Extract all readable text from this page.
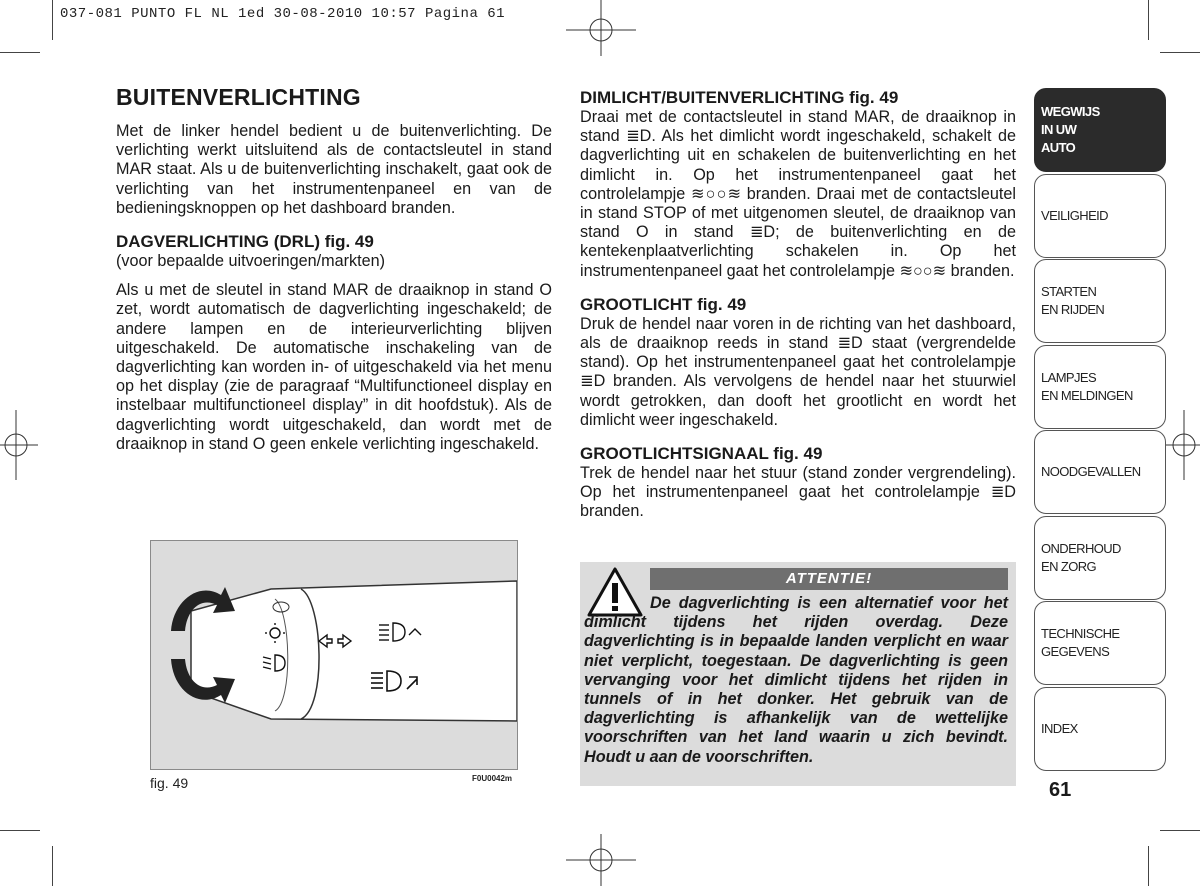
037-081 PUNTO FL NL 1ed 30-08-2010 10:57 Pagina 61
BUITENVERLICHTING

Met de linker hendel bedient u de buitenverlichting. De verlichting werkt uitsluitend als de contactsleutel in stand MAR staat. Als u de buitenverlichting inschakelt, gaat ook de verlichting van het instrumentenpaneel en van de bedieningsknoppen op het dashboard branden.

DAGVERLICHTING (DRL) fig. 49

(voor bepaalde uitvoeringen/markten)

Als u met de sleutel in stand MAR de draaiknop in stand O zet, wordt automatisch de dagverlichting ingeschakeld; de andere lampen en de interieurverlichting blijven uitgeschakeld. De automatische inschakeling van de dagverlichting kan worden in- of uitgeschakeld via het menu op het display (zie de paragraaf “Multifunctioneel display en instelbaar multifunctioneel display” in dit hoofdstuk). Als de dagverlichting wordt uitgeschakeld, dan wordt met de draaiknop in stand O geen enkele verlichting ingeschakeld.

fig. 49	F0U0042m
DIMLICHT/BUITENVERLICHTING fig. 49

Draai met de contactsleutel in stand MAR, de draaiknop in stand ≣D. Als het dimlicht wordt ingeschakeld, schakelt de dagverlichting uit en schakelen de buitenverlichting en het dimlicht in. Op het instrumentenpaneel gaat het controlelampje ≋○○≋ branden. Draai met de contactsleutel in stand STOP of met uitgenomen sleutel, de draaiknop van stand O in stand ≣D; de buitenverlichting en de kentekenplaatverlichting schakelen in. Op het instrumentenpaneel gaat het controlelampje ≋○○≋ branden.

GROOTLICHT fig. 49

Druk de hendel naar voren in de richting van het dashboard, als de draaiknop reeds in stand ≣D staat (vergrendelde stand). Op het instrumentenpaneel gaat het controlelampje ≣D branden. Als vervolgens de hendel naar het stuurwiel wordt getrokken, dan dooft het grootlicht en wordt het dimlicht weer ingeschakeld.

GROOTLICHTSIGNAAL fig. 49

Trek de hendel naar het stuur (stand zonder vergrendeling). Op het instrumentenpaneel gaat het controlelampje ≣D branden.

ATTENTIE!

De dagverlichting is een alternatief voor het dimlicht tijdens het rijden overdag. Deze dagverlichting is in bepaalde landen verplicht en waar niet verplicht, toegestaan. De dagverlichting is geen vervanging voor het dimlicht tijdens het rijden in tunnels of in het donker. Het gebruik van de dagverlichting is afhankelijk van de wettelijke voorschriften van het land waarin u zich bevindt. Houdt u aan de voorschriften.

WEGWIJS
IN UW
AUTO
VEILIGHEID
STARTEN
EN RIJDEN
LAMPJES
EN MELDINGEN
NOODGEVALLEN
ONDERHOUD
EN ZORG
TECHNISCHE
GEGEVENS
INDEX
61
